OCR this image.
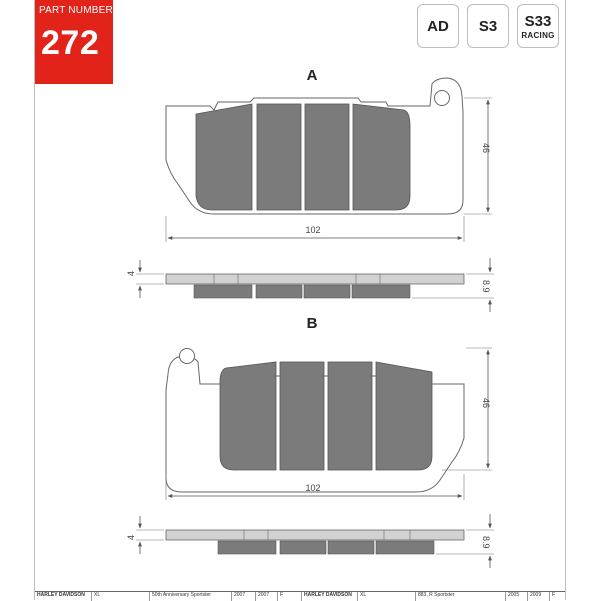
PART NUMBER
272	AD	S3	S33
RACING
A
46
102
4
8.9
B
46
102
4	8.9
HARLEY DAVIDSON	XL	50th Anniversary Sportster	2007	2007	F	HARLEY DAVIDSON	XL	883, R Sportster	2005	2009	F
